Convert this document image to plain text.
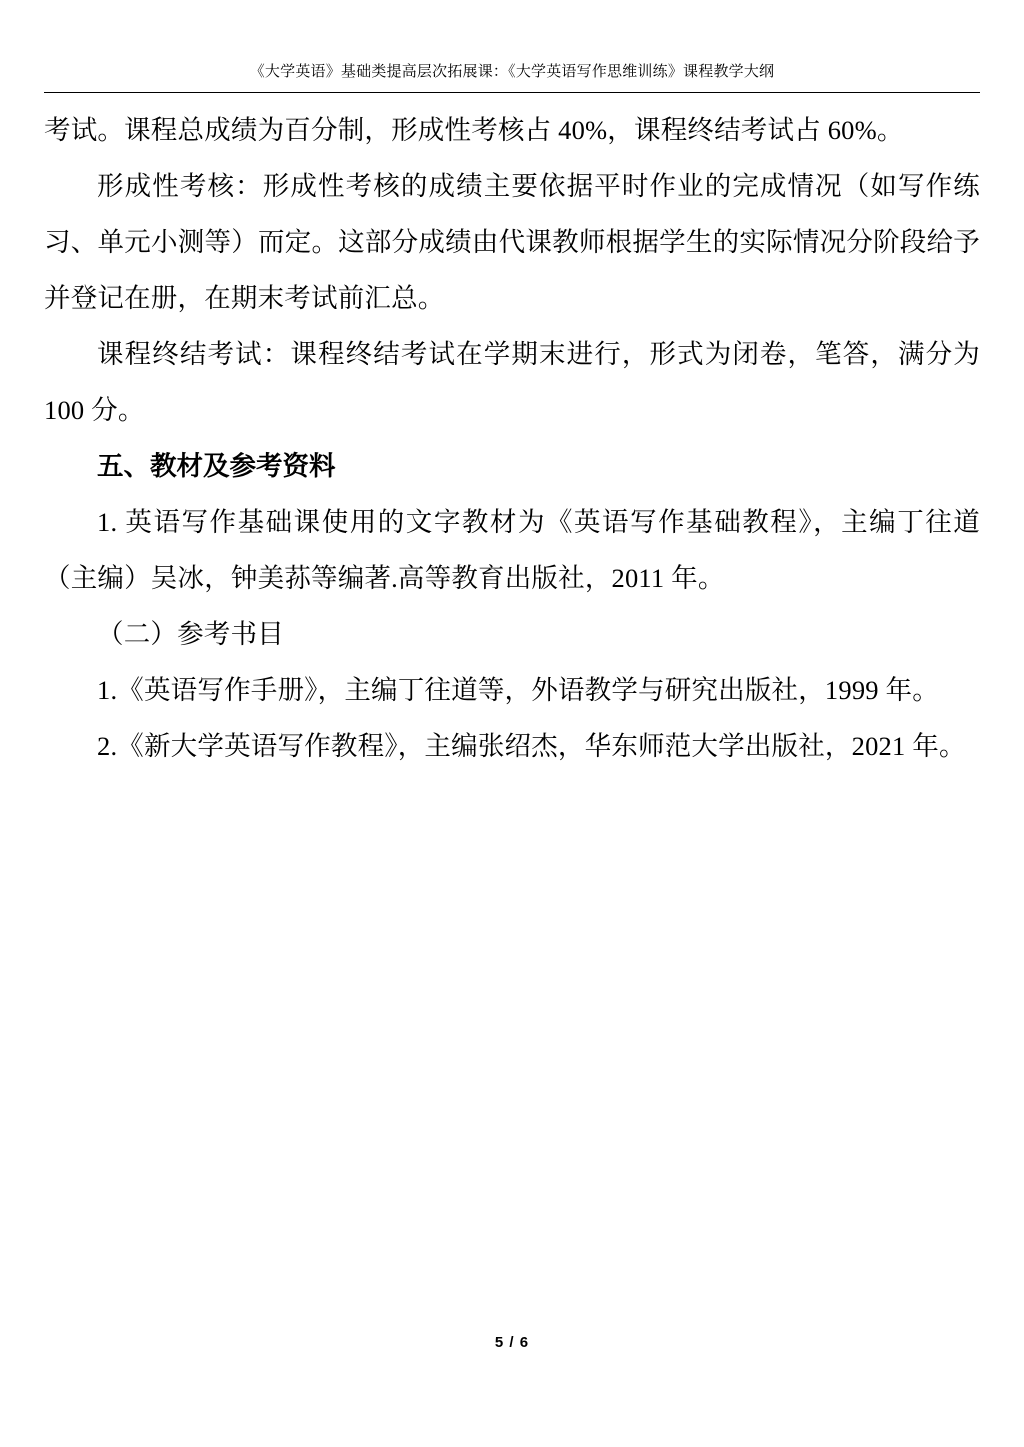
《大学英语》基础类提高层次拓展课：《大学英语写作思维训练》课程教学大纲

考试。课程总成绩为百分制，形成性考核占 40%，课程终结考试占 60%。

形成性考核：形成性考核的成绩主要依据平时作业的完成情况（如写作练习、单元小测等）而定。这部分成绩由代课教师根据学生的实际情况分阶段给予并登记在册，在期末考试前汇总。

课程终结考试：课程终结考试在学期末进行，形式为闭卷，笔答，满分为 100 分。

五、教材及参考资料

1. 英语写作基础课使用的文字教材为《英语写作基础教程》，主编丁往道（主编）吴冰，钟美荪等编著.高等教育出版社，2011 年。

（二）参考书目

1.《英语写作手册》，主编丁往道等，外语教学与研究出版社，1999 年。

2.《新大学英语写作教程》，主编张绍杰，华东师范大学出版社，2021 年。

5 / 6
